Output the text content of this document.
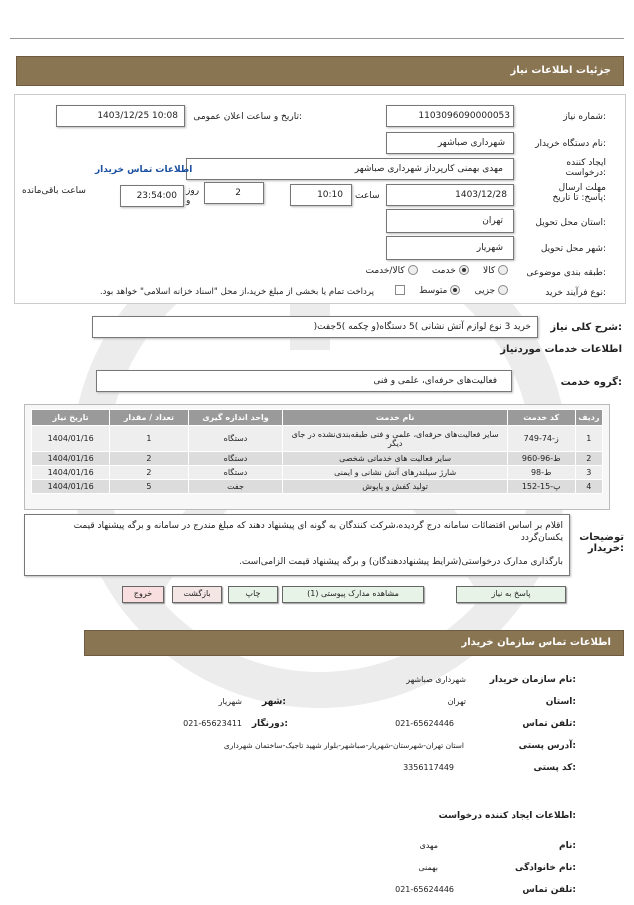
جزئیات اطلاعات نیاز
شماره نیاز:
1103096090000053
تاریخ و ساعت اعلان عمومی:
1403/12/25 10:08
نام دستگاه خریدار:
شهرداری صباشهر
ایجاد کننده درخواست:
مهدی بهمنی کارپرداز شهرداری صباشهر
اطلاعات تماس خریدار
مهلت ارسال پاسخ: تا تاریخ:
1403/12/28
ساعت
10:10
2
روز و
23:54:00
ساعت باقی‌مانده
استان محل تحویل:
تهران
شهر محل تحویل:
شهریار
طبقه بندی موضوعی:
کالا      خدمت      کالا/خدمت
نوع فرآیند خرید:
جزیی      متوسط
پرداخت تمام یا بخشی از مبلغ خرید،از محل "اسناد خزانه اسلامی" خواهد بود.
شرح کلی نیاز:
خرید 3 نوع لوازم آتش نشانی )5 دستگاه(و چکمه )5جفت(
اطلاعات خدمات موردنیاز
گروه خدمت:
فعالیت‌های حرفه‌ای، علمی و فنی
ردیف	کد خدمت	نام خدمت	واحد اندازه گیری	تعداد / مقدار	تاریخ نیاز
1	ز-74-749	سایر فعالیت‌های حرفه‌ای، علمی و فنی طبقه‌بندی‌نشده در جای دیگر	دستگاه	1	1404/01/16
2	ط-96-960	سایر فعالیت های خدماتی شخصی	دستگاه	2	1404/01/16
3	ط-98	شارژ سیلندرهای آتش نشانی و ایمنی	دستگاه	2	1404/01/16
4	پ-15-152	تولید کفش و پاپوش	جفت	5	1404/01/16
توضیحات خریدار:
اقلام بر اساس اقتضائات سامانه درج گردیده،شرکت کنندگان به گونه ای پیشنهاد دهند که مبلغ مندرج در سامانه و برگه پیشنهاد قیمت یکسان‌گردد
بارگذاری مدارک درخواستی(شرایط پیشنهاددهندگان) و برگه پیشنهاد قیمت الزامی‌است.
پاسخ به نیاز
مشاهده مدارک پیوستی (1)
چاپ
بازگشت
خروج
اطلاعات تماس سازمان خریدار
نام سازمان خریدار:
شهرداری صباشهر
استان:
تهران
شهر:
شهریار
تلفن تماس:
021-65624446
دورنگار:
021-65623411
آدرس پستی:
استان تهران-شهرستان-شهریار-صباشهر-بلوار شهید تاجیک-ساختمان شهرداری
کد پستی:
3356117449
اطلاعات ایجاد کننده درخواست:
نام:
مهدی
نام خانوادگی:
بهمنی
تلفن تماس:
021-65624446
